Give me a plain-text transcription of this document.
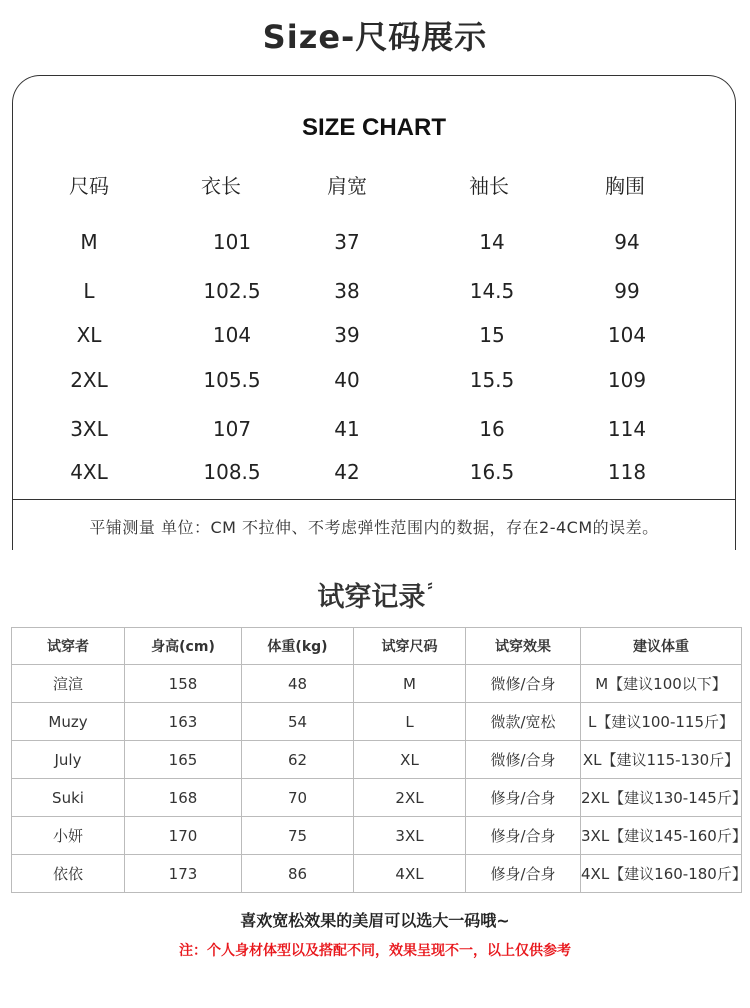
Size-尺码展示
SIZE CHART
尺码	衣长	肩宽	袖长	胸围
M	101	37	14	94
L	102.5	38	14.5	99
XL	104	39	15	104
2XL	105.5	40	15.5	109
3XL	107	41	16	114
4XL	108.5	42	16.5	118
平铺测量 单位：CM 不拉伸、不考虑弹性范围内的数据，存在2-4CM的误差。
试穿记录 ⸗
试穿者	身高(cm)	体重(kg)	试穿尺码	试穿效果	建议体重
渲渲	158	48	M	微修/合身	M【建议100以下】
Muzy	163	54	L	微款/宽松	L【建议100-115斤】
July	165	62	XL	微修/合身	XL【建议115-130斤】
Suki	168	70	2XL	修身/合身	2XL【建议130-145斤】
小妍	170	75	3XL	修身/合身	3XL【建议145-160斤】
依依	173	86	4XL	修身/合身	4XL【建议160-180斤】
喜欢宽松效果的美眉可以选大一码哦~
注：个人身材体型以及搭配不同，效果呈现不一，以上仅供参考
